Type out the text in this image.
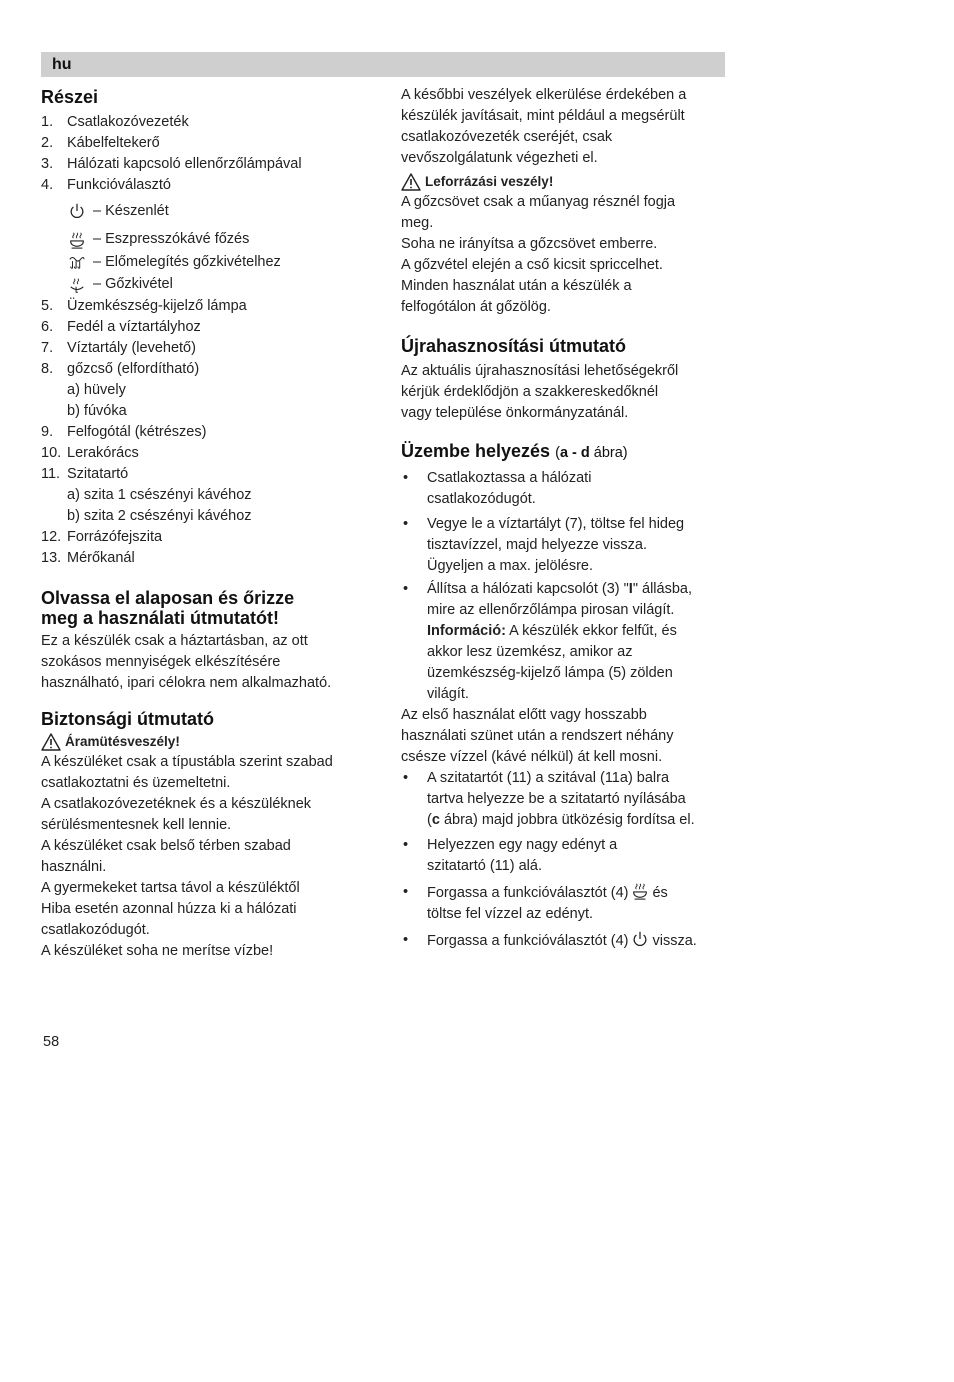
hu
Részei
1. Csatlakozóvezeték
2. Kábelfeltekerő
3. Hálózati kapcsoló ellenőrzőlámpával
4. Funkcióválasztó
– Készenlét
– Eszpresszókávé főzés
– Előmelegítés gőzkivételhez
– Gőzkivétel
5. Üzemkészség-kijelző lámpa
6. Fedél a víztartályhoz
7. Víztartály (levehető)
8. gőzcső (elfordítható)
a) hüvely
b) fúvóka
9. Felfogótál (kétrészes)
10. Lerakórács
11. Szitatartó
a) szita 1 csészényi kávéhoz
b) szita 2 csészényi kávéhoz
12. Forrázófejszita
13. Mérőkanál
Olvassa el alaposan és őrizze
meg a használati útmutatót!

Ez a készülék csak a háztartásban, az ott

szokásos mennyiségek elkészítésére

használható, ipari célokra nem alkalmazható.

Biztonsági útmutató
Áramütésveszély!

A készüléket csak a típustábla szerint szabad

csatlakoztatni és üzemeltetni.

A csatlakozóvezetéknek és a készüléknek

sérülésmentesnek kell lennie.

A készüléket csak belső térben szabad

használni.

A gyermekeket tartsa távol a készüléktől

Hiba esetén azonnal húzza ki a hálózati

csatlakozódugót.

A készüléket soha ne merítse vízbe!

A későbbi veszélyek elkerülése érdekében a

készülék javításait, mint például a megsérült

csatlakozóvezeték cseréjét, csak

vevőszolgálatunk végezheti el.

Leforrázási veszély!

A gőzcsövet csak a műanyag résznél fogja

meg.

Soha ne irányítsa a gőzcsövet emberre.

A gőzvétel elején a cső kicsit spriccelhet.

Minden használat után a készülék a

felfogótálon át gőzölög.

Újrahasznosítási útmutató

Az aktuális újrahasznosítási lehetőségekről

kérjük érdeklődjön a szakkereskedőknél

vagy települése önkormányzatánál.

Üzembe helyezés (a - d ábra)
• Csatlakoztassa a hálózati
csatlakozódugót.
• Vegye le a víztartályt (7), töltse fel hideg
tisztavízzel, majd helyezze vissza.
Ügyeljen a max. jelölésre.
• Állítsa a hálózati kapcsolót (3) "I" állásba,
mire az ellenőrzőlámpa pirosan világít.
Információ: A készülék ekkor felfűt, és
akkor lesz üzemkész, amikor az
üzemkészség-kijelző lámpa (5) zölden
világít.

Az első használat előtt vagy hosszabb

használati szünet után a rendszert néhány

csésze vízzel (kávé nélkül) át kell mosni.

• A szitatartót (11) a szitával (11a) balra
tartva helyezze be a szitatartó nyílásába
(c ábra) majd jobbra ütközésig fordítsa el.
• Helyezzen egy nagy edényt a
szitatartó (11) alá.
• Forgassa a funkcióválasztót (4) és
töltse fel vízzel az edényt.
• Forgassa a funkcióválasztót (4) vissza.
58
